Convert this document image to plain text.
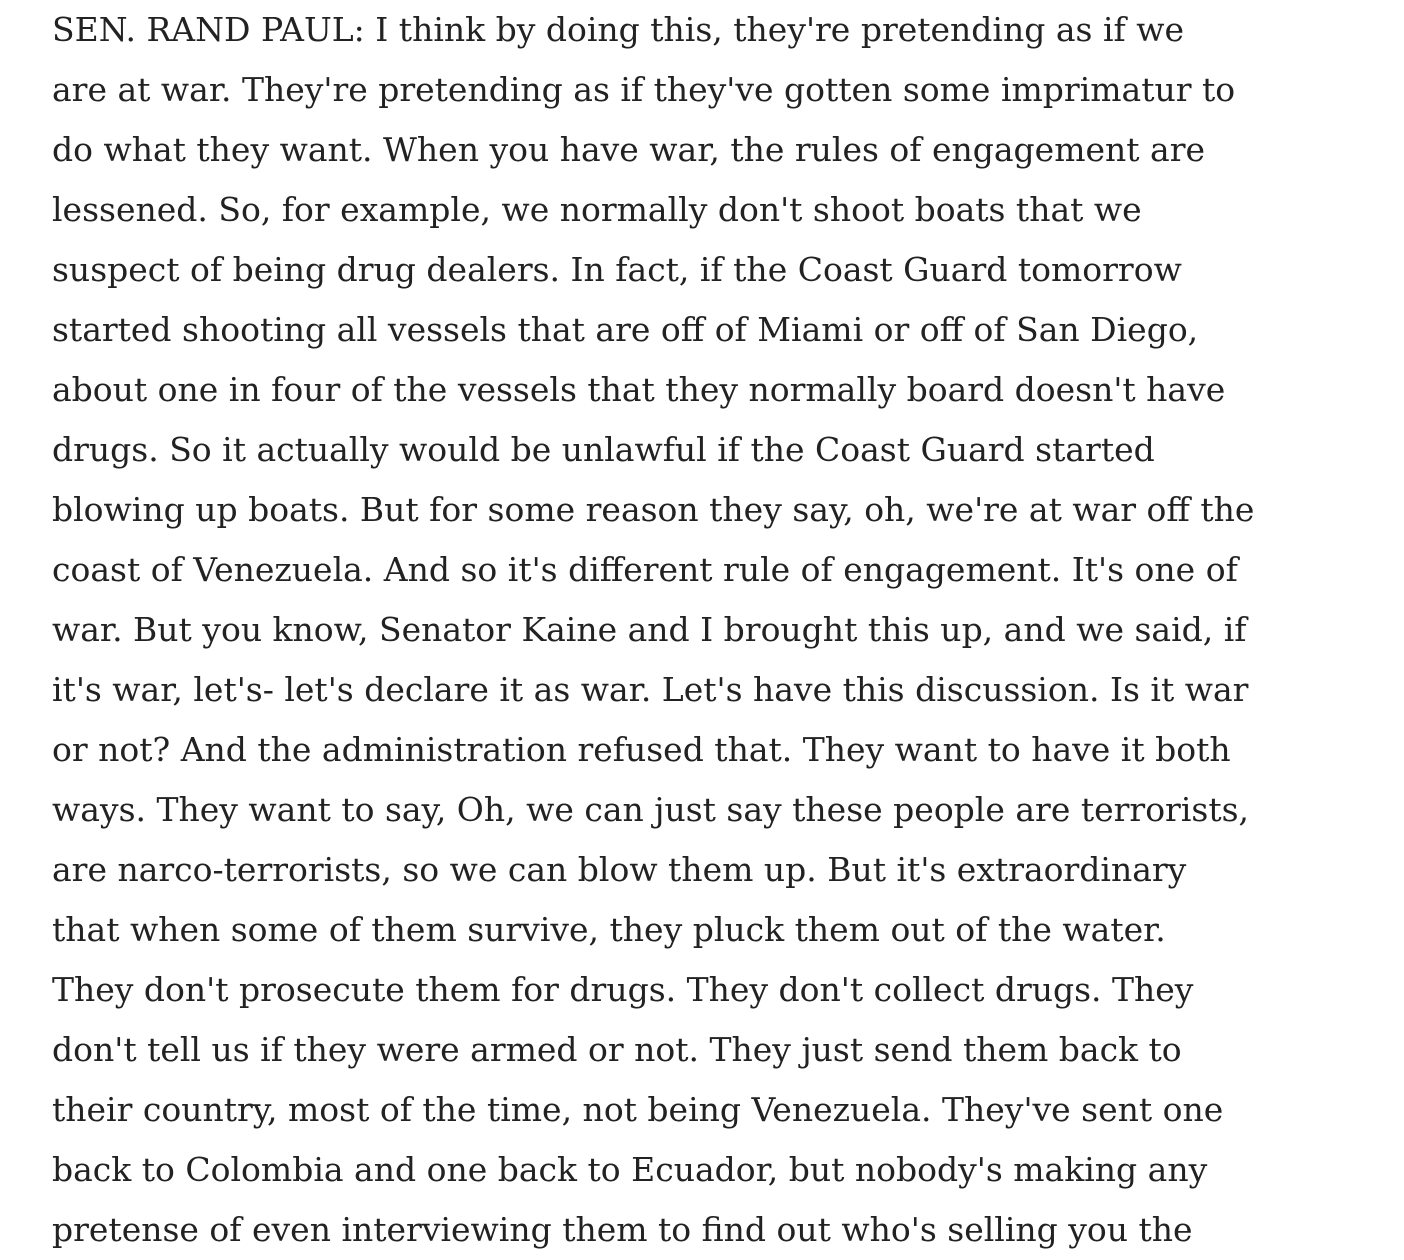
SEN. RAND PAUL: I think by doing this, they're pretending as if we
are at war. They're pretending as if they've gotten some imprimatur to
do what they want. When you have war, the rules of engagement are
lessened. So, for example, we normally don't shoot boats that we
suspect of being drug dealers. In fact, if the Coast Guard tomorrow
started shooting all vessels that are off of Miami or off of San Diego,
about one in four of the vessels that they normally board doesn't have
drugs. So it actually would be unlawful if the Coast Guard started
blowing up boats. But for some reason they say, oh, we're at war off the
coast of Venezuela. And so it's different rule of engagement. It's one of
war. But you know, Senator Kaine and I brought this up, and we said, if
it's war, let's- let's declare it as war. Let's have this discussion. Is it war
or not? And the administration refused that. They want to have it both
ways. They want to say, Oh, we can just say these people are terrorists,
are narco-terrorists, so we can blow them up. But it's extraordinary
that when some of them survive, they pluck them out of the water.
They don't prosecute them for drugs. They don't collect drugs. They
don't tell us if they were armed or not. They just send them back to
their country, most of the time, not being Venezuela. They've sent one
back to Colombia and one back to Ecuador, but nobody's making any
pretense of even interviewing them to find out who's selling you the
